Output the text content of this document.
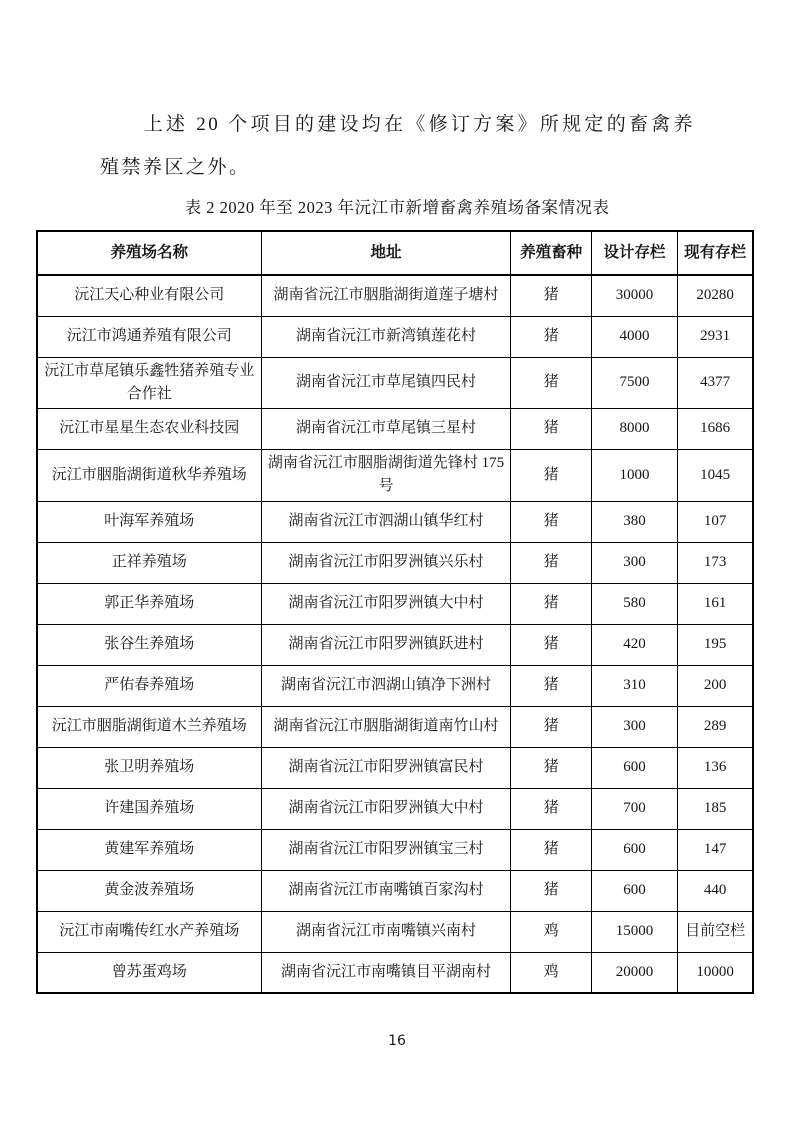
上述 20 个项目的建设均在《修订方案》所规定的畜禽养殖禁养区之外。

表 2 2020 年至 2023 年沅江市新增畜禽养殖场备案情况表

养殖场名称	地址	养殖畜种	设计存栏	现有存栏
沅江天心种业有限公司	湖南省沅江市胭脂湖街道莲子塘村	猪	30000	20280
沅江市鸿通养殖有限公司	湖南省沅江市新湾镇莲花村	猪	4000	2931
沅江市草尾镇乐鑫牲猪养殖专业合作社	湖南省沅江市草尾镇四民村	猪	7500	4377
沅江市星星生态农业科技园	湖南省沅江市草尾镇三星村	猪	8000	1686
沅江市胭脂湖街道秋华养殖场	湖南省沅江市胭脂湖街道先锋村 175 号	猪	1000	1045
叶海军养殖场	湖南省沅江市泗湖山镇华红村	猪	380	107
正祥养殖场	湖南省沅江市阳罗洲镇兴乐村	猪	300	173
郭正华养殖场	湖南省沅江市阳罗洲镇大中村	猪	580	161
张谷生养殖场	湖南省沅江市阳罗洲镇跃进村	猪	420	195
严佑春养殖场	湖南省沅江市泗湖山镇净下洲村	猪	310	200
沅江市胭脂湖街道木兰养殖场	湖南省沅江市胭脂湖街道南竹山村	猪	300	289
张卫明养殖场	湖南省沅江市阳罗洲镇富民村	猪	600	136
许建国养殖场	湖南省沅江市阳罗洲镇大中村	猪	700	185
黄建军养殖场	湖南省沅江市阳罗洲镇宝三村	猪	600	147
黄金波养殖场	湖南省沅江市南嘴镇百家沟村	猪	600	440
沅江市南嘴传红水产养殖场	湖南省沅江市南嘴镇兴南村	鸡	15000	目前空栏
曾苏蛋鸡场	湖南省沅江市南嘴镇目平湖南村	鸡	20000	10000
16
